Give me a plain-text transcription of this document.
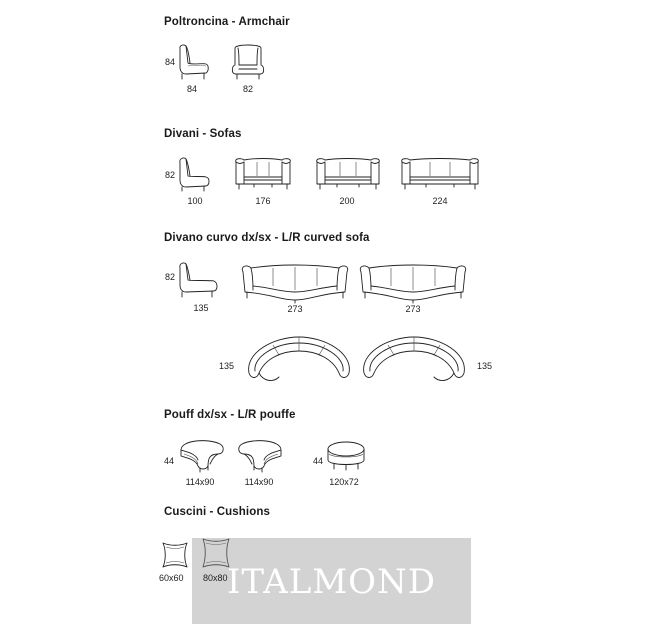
Poltroncina - Armchair
84
84	82
Divani - Sofas
82
100	176	200	224
Divano curvo dx/sx - L/R curved sofa
82
135	273	273
135	135
Pouff dx/sx - L/R pouffe
44
114x90	114x90
44
120x72
Cuscini - Cushions
60x60	ITALMOND
80x80
